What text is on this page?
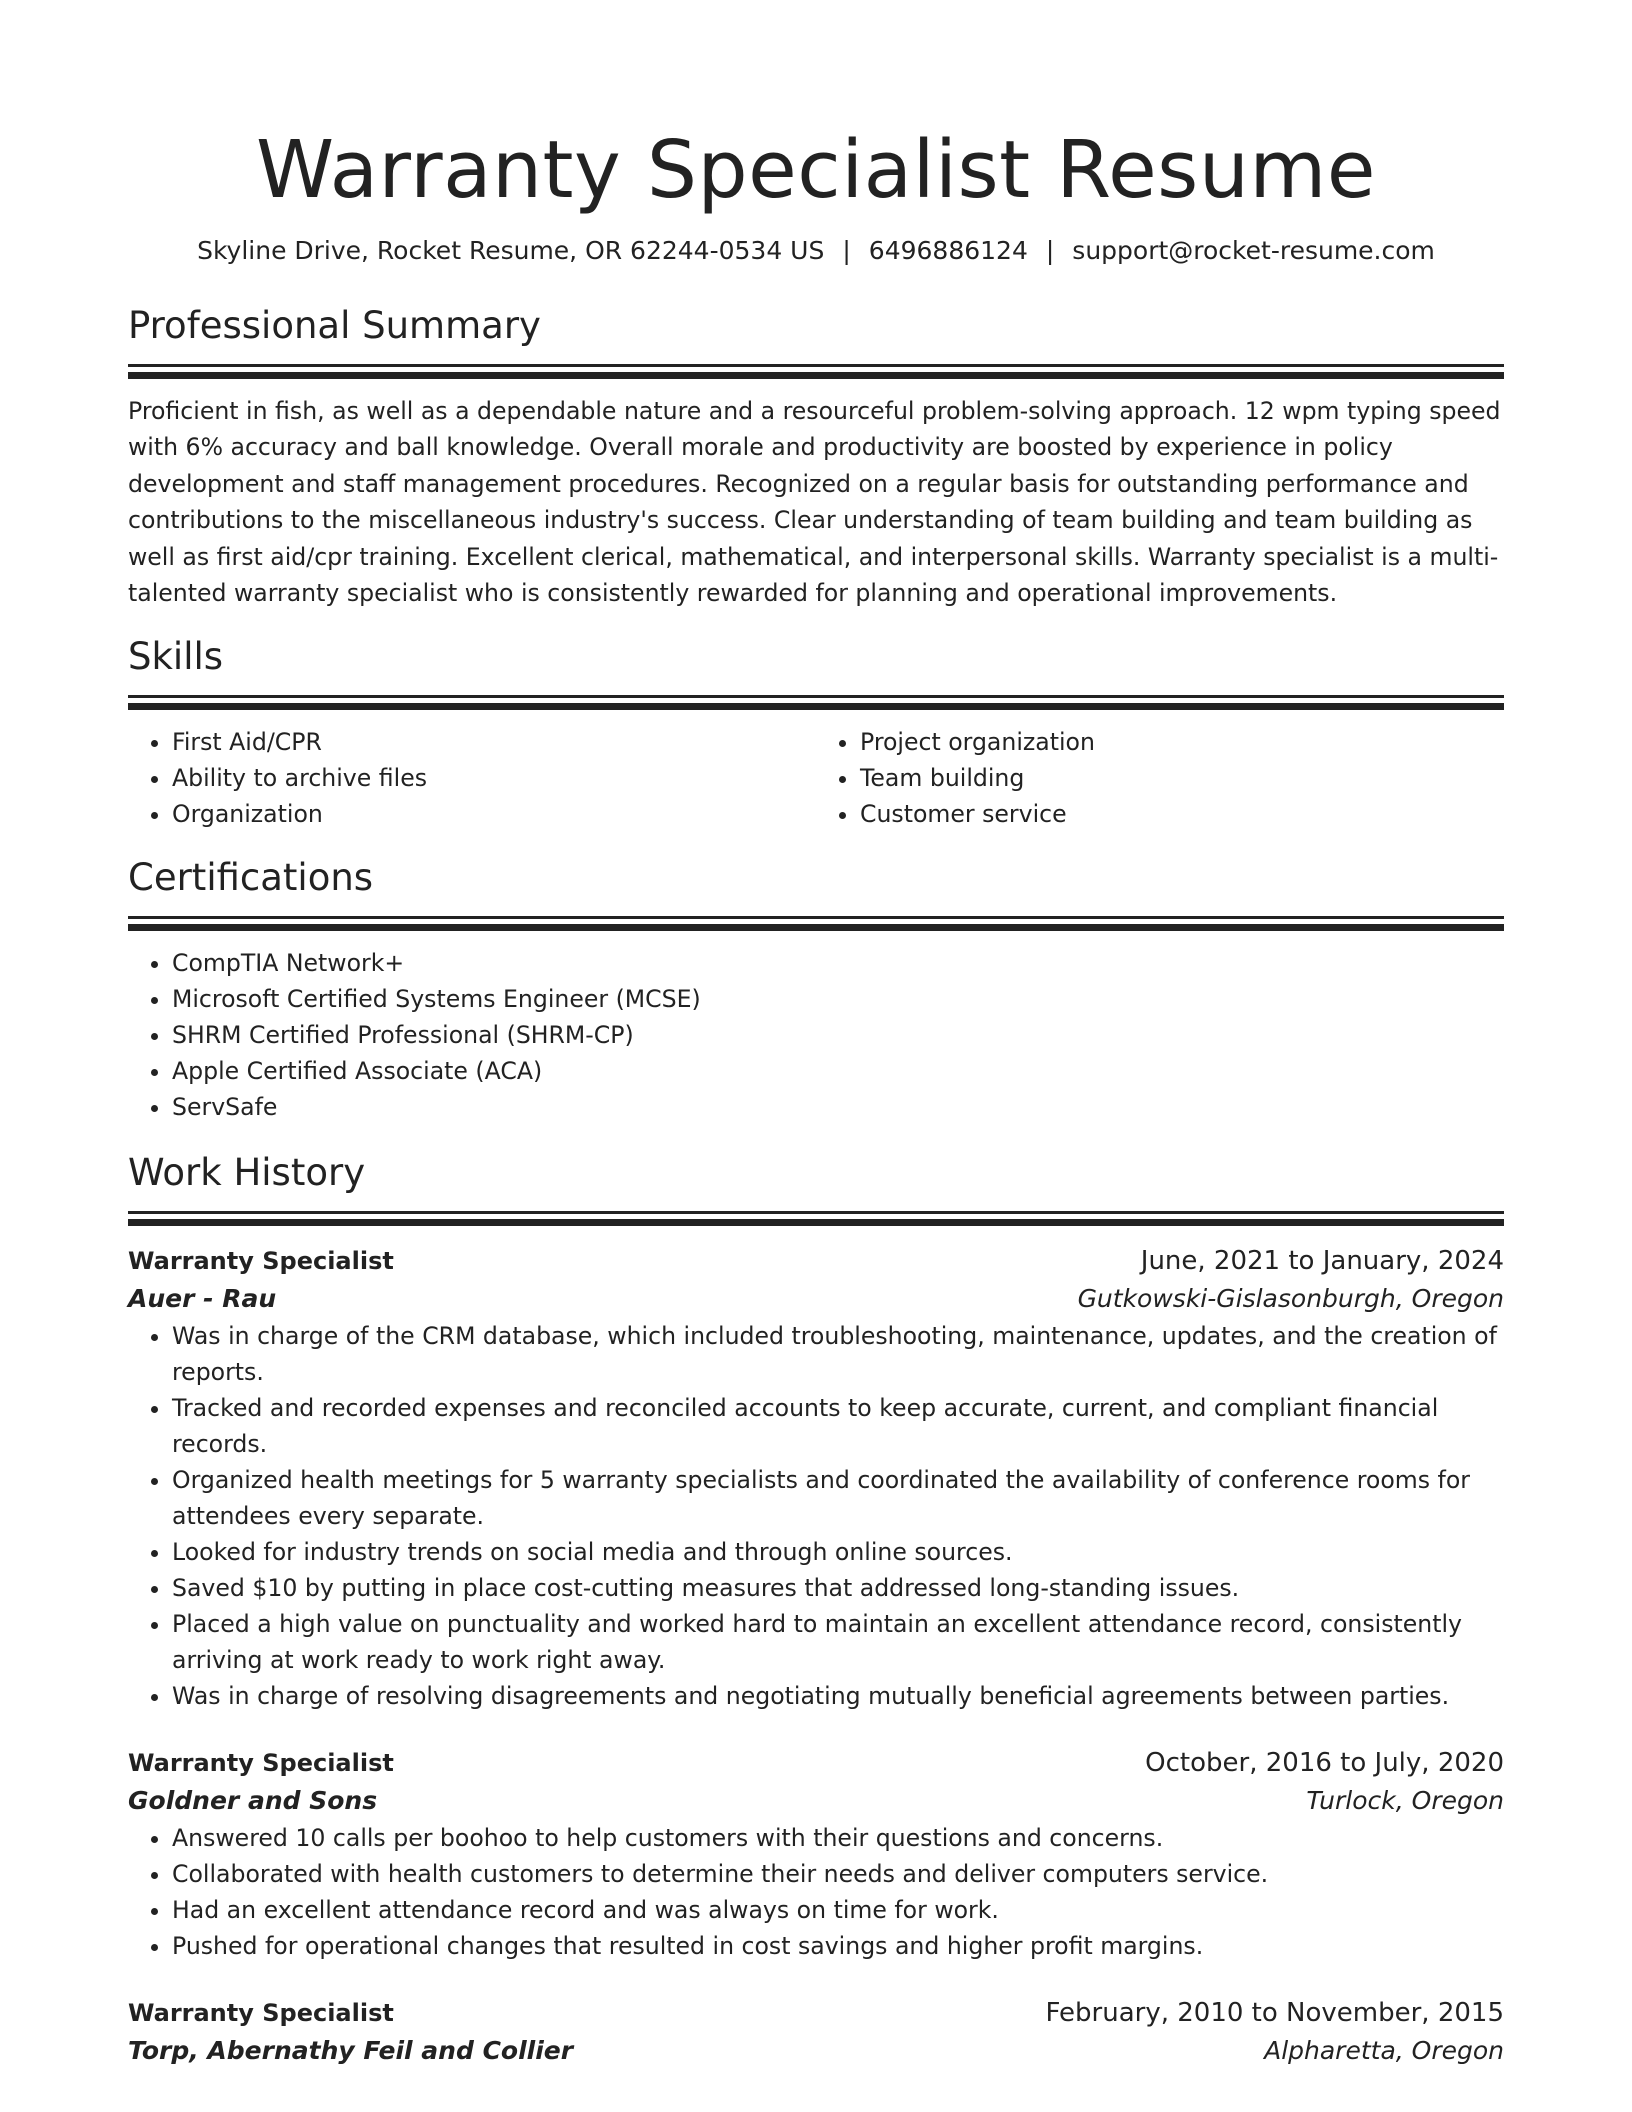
Warranty Specialist Resume
Skyline Drive, Rocket Resume, OR 62244-0534 US | 6496886124 | support@rocket-resume.com
Professional Summary

Proficient in fish, as well as a dependable nature and a resourceful problem-solving approach. 12 wpm typing speed with 6% accuracy and ball knowledge. Overall morale and productivity are boosted by experience in policy development and staff management procedures. Recognized on a regular basis for outstanding performance and contributions to the miscellaneous industry's success. Clear understanding of team building and team building as well as first aid/cpr training. Excellent clerical, mathematical, and interpersonal skills. Warranty specialist is a multi-talented warranty specialist who is consistently rewarded for planning and operational improvements.

Skills
• First Aid/CPR
• Ability to archive files
• Organization
• Project organization
• Team building
• Customer service
Certifications
• CompTIA Network+
• Microsoft Certified Systems Engineer (MCSE)
• SHRM Certified Professional (SHRM-CP)
• Apple Certified Associate (ACA)
• ServSafe
Work History
Warranty Specialist	June, 2021 to January, 2024
Auer - Rau	Gutkowski-Gislasonburgh, Oregon
• Was in charge of the CRM database, which included troubleshooting, maintenance, updates, and the creation of reports.
• Tracked and recorded expenses and reconciled accounts to keep accurate, current, and compliant financial records.
• Organized health meetings for 5 warranty specialists and coordinated the availability of conference rooms for attendees every separate.
• Looked for industry trends on social media and through online sources.
• Saved $10 by putting in place cost-cutting measures that addressed long-standing issues.
• Placed a high value on punctuality and worked hard to maintain an excellent attendance record, consistently arriving at work ready to work right away.
• Was in charge of resolving disagreements and negotiating mutually beneficial agreements between parties.
Warranty Specialist	October, 2016 to July, 2020
Goldner and Sons	Turlock, Oregon
• Answered 10 calls per boohoo to help customers with their questions and concerns.
• Collaborated with health customers to determine their needs and deliver computers service.
• Had an excellent attendance record and was always on time for work.
• Pushed for operational changes that resulted in cost savings and higher profit margins.
Warranty Specialist	February, 2010 to November, 2015
Torp, Abernathy Feil and Collier	Alpharetta, Oregon
